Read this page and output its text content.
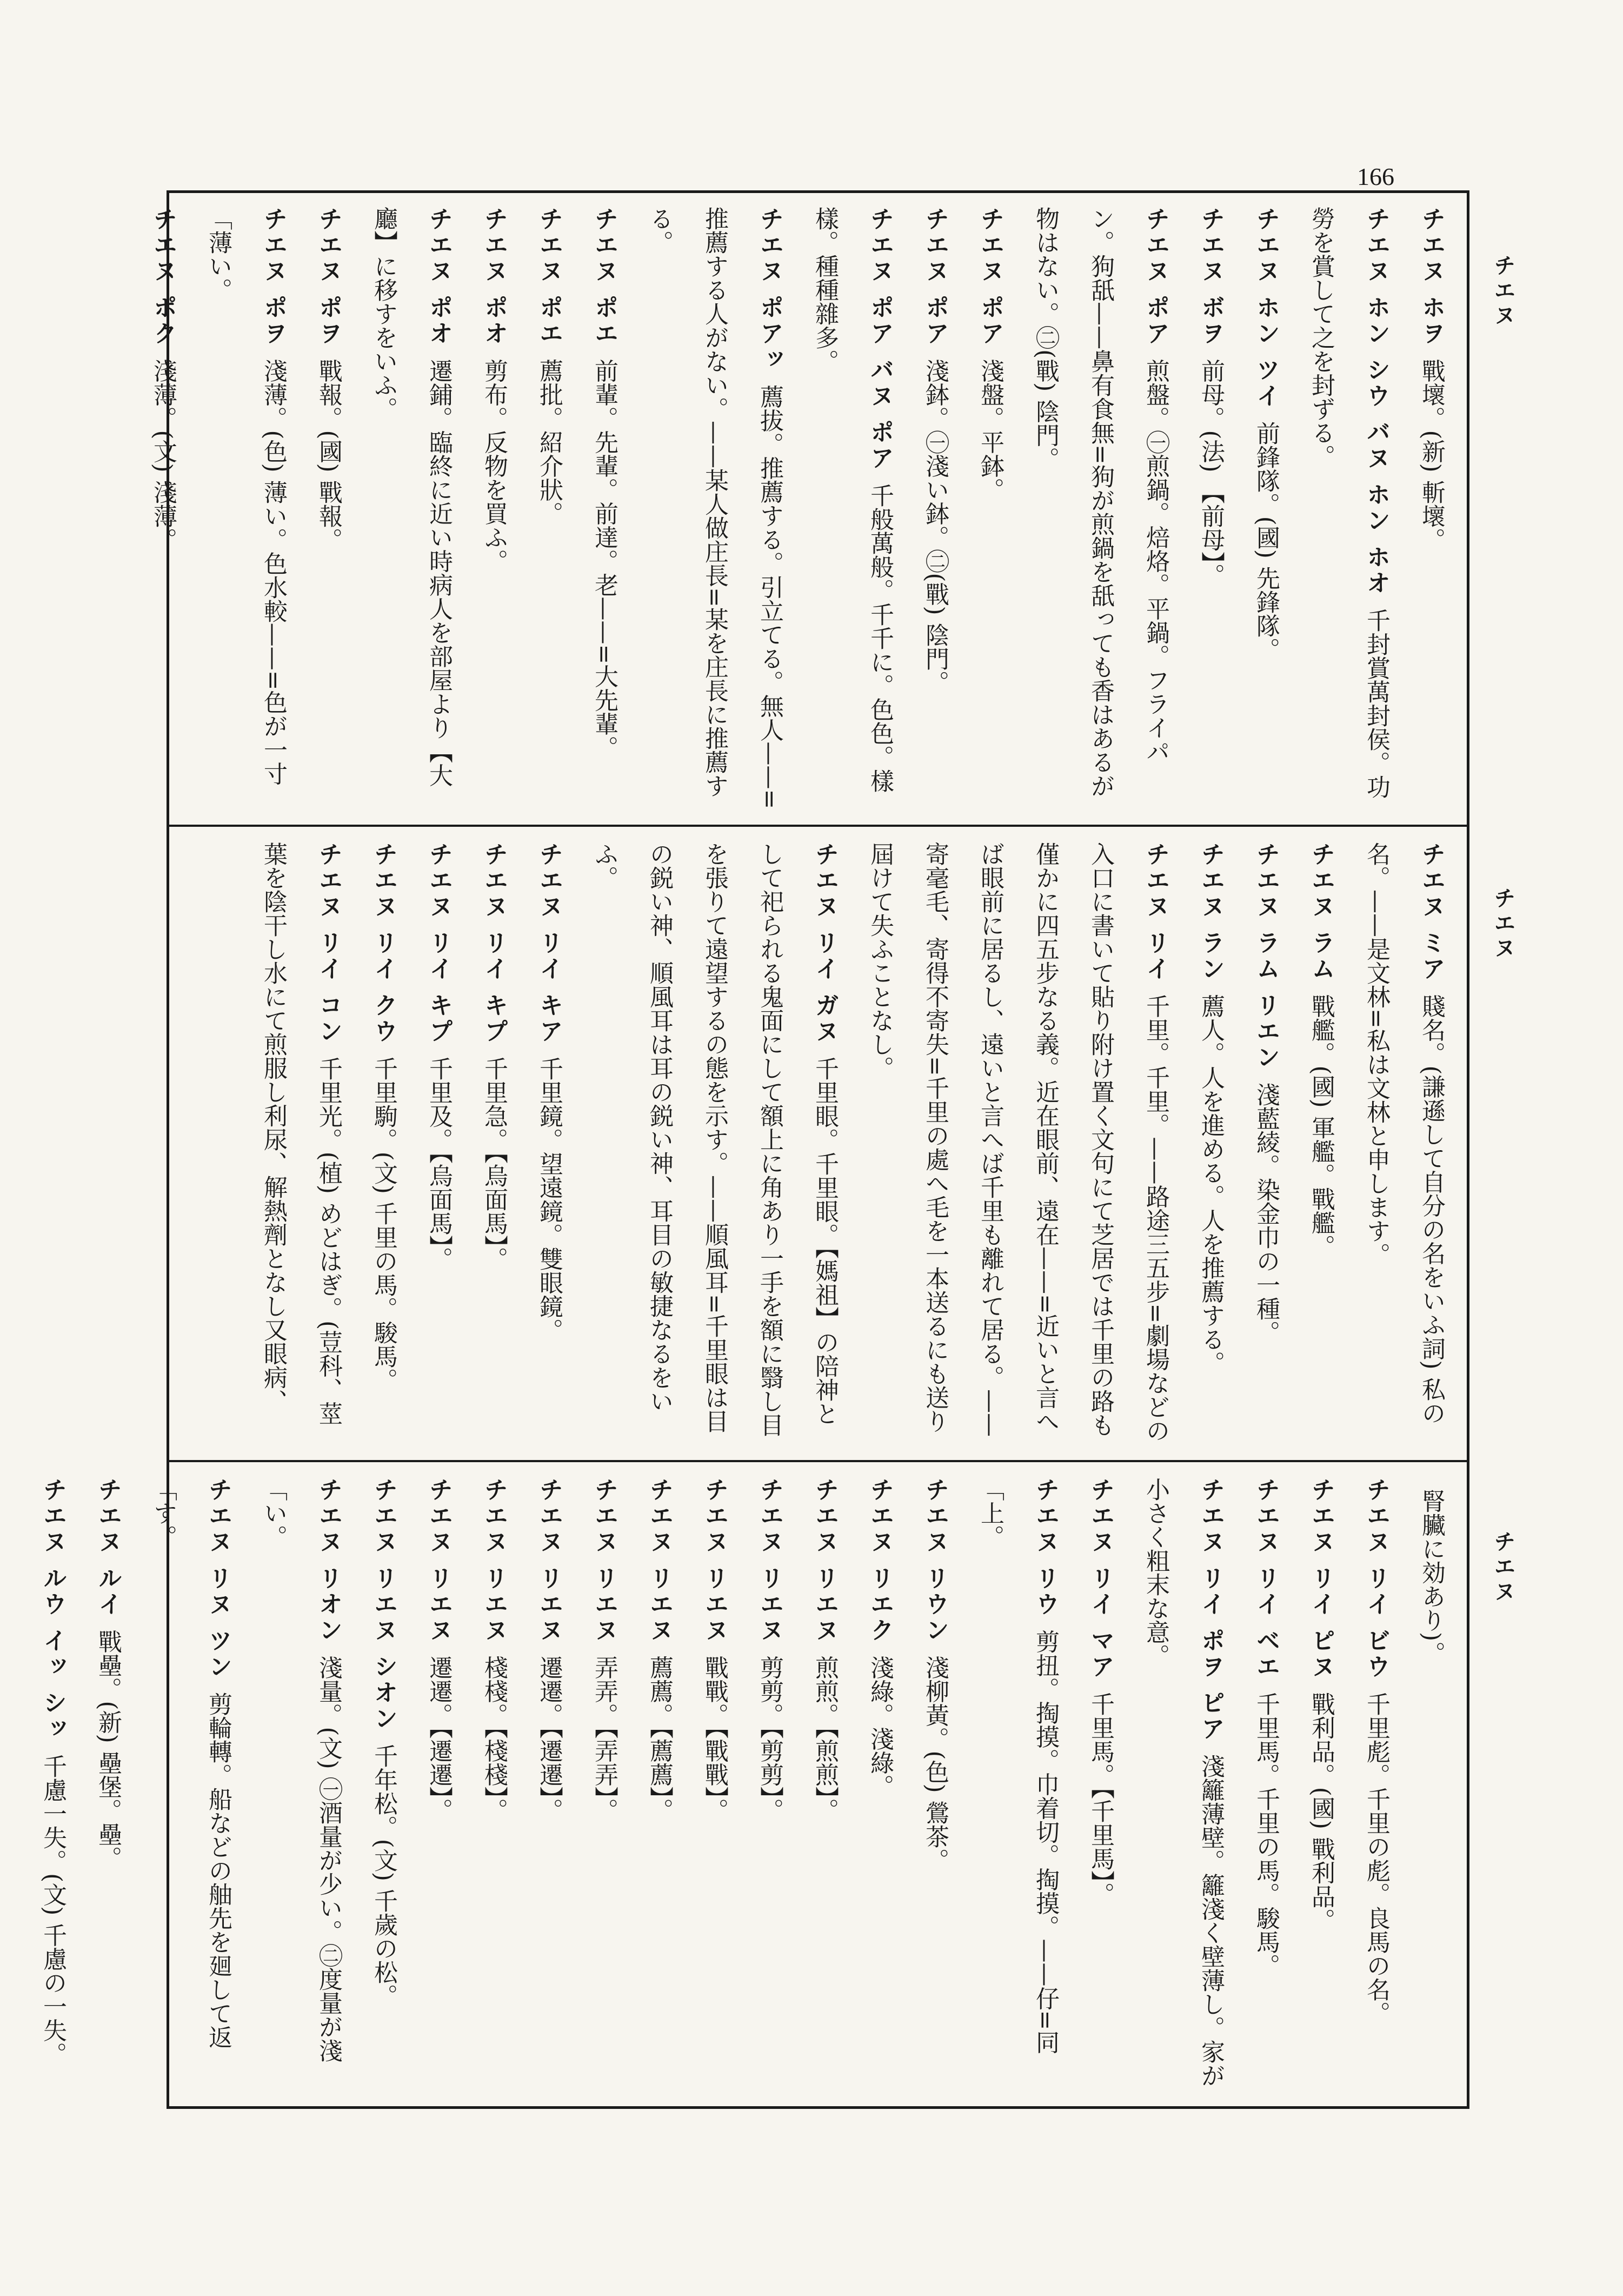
166
チエヌ
チエヌ
チエヌ
チエヌ ホヲ戰壞。(新) 斬壞。
チエヌ ホン シウ バヌ ホン ホオ千封賞萬封侯。功勞を賞して之を封ずる。
チエヌ ホン ツイ前鋒隊。(國) 先鋒隊。
チエヌ ボヲ前母。(法) 【前母】。
チエヌ ポア煎盤。㊀煎鍋。焙烙。平鍋。フライパン。狗舐——鼻有食無=狗が煎鍋を舐っても香はあるが物はない。㊁(戰) 陰門。
チエヌ ポア淺盤。平鉢。
チエヌ ポア淺鉢。㊀淺い鉢。㊁(戰) 陰門。
チエヌ ポア バヌ ポア千般萬般。千千に。色色。樣樣。種種雜多。
チエヌ ポアッ薦拔。推薦する。引立てる。無人——=推薦する人がない。——某人做庄長=某を庄長に推薦する。
チエヌ ポエ前輩。先輩。前達。老——=大先輩。
チエヌ ポエ薦批。紹介狀。
チエヌ ポオ剪布。反物を買ふ。
チエヌ ポオ遷鋪。臨終に近い時病人を部屋より【大廳】に移すをいふ。
チエヌ ポヲ戰報。(國) 戰報。
チエヌ ポヲ淺薄。(色) 薄い。色水較——=色が一寸「薄い。
チエヌ ポク淺薄。(文) 淺薄。
チエヌ ミア賤名。(謙遜して自分の名をいふ詞) 私の名。——是文林=私は文林と申します。
チエヌ ラム戰艦。(國) 軍艦。戰艦。
チエヌ ラム リエン淺藍綾。染金巾の一種。
チエヌ ラン薦人。人を進める。人を推薦する。
チエヌ リイ千里。千里。——路途三五步=劇場などの入口に書いて貼り附け置く文句にて芝居では千里の路も僅かに四五步なる義。近在眼前、遠在——=近いと言へば眼前に居るし、遠いと言へば千里も離れて居る。——寄毫毛、寄得不寄失=千里の處へ毛を一本送るにも送り屆けて失ふことなし。
チエヌ リイ ガヌ千里眼。千里眼。【媽祖】の陪神として祀られる鬼面にして額上に角あり一手を額に翳し目を張りて遠望するの態を示す。——順風耳=千里眼は目の鋭い神、順風耳は耳の鋭い神、耳目の敏捷なるをいふ。
チエヌ リイ キア千里鏡。望遠鏡。雙眼鏡。
チエヌ リイ キプ千里急。【烏面馬】。
チエヌ リイ キプ千里及。【烏面馬】。
チエヌ リイ クウ千里駒。(文) 千里の馬。駿馬。
チエヌ リイ コン千里光。(植) めどはぎ。(荳科、莖葉を陰干し水にて煎服し利尿、解熱劑となし又眼病、
腎臟に効あり)。
チエヌ リイ ビウ千里彪。千里の彪。良馬の名。
チエヌ リイ ピヌ戰利品。(國) 戰利品。
チエヌ リイ ベエ千里馬。千里の馬。駿馬。
チエヌ リイ ポヲ ピア淺籬薄壁。籬淺く壁薄し。家が小さく粗末な意。
チエヌ リイ マア千里馬。【千里馬】。
チエヌ リウ剪扭。掏摸。巾着切。掏摸。——仔=同「上。
チエヌ リウン淺柳黃。(色) 鶯茶。
チエヌ リエク淺綠。淺綠。
チエヌ リエヌ煎煎。【煎煎】。
チエヌ リエヌ剪剪。【剪剪】。
チエヌ リエヌ戰戰。【戰戰】。
チエヌ リエヌ薦薦。【薦薦】。
チエヌ リエヌ弄弄。【弄弄】。
チエヌ リエヌ遷遷。【遷遷】。
チエヌ リエヌ棧棧。【棧棧】。
チエヌ リエヌ遷遷。【遷遷】。
チエヌ リエヌ シオン千年松。(文) 千歲の松。
チエヌ リオン淺量。(文) ㊀酒量が少い。㊁度量が淺「い。
チエヌ リヌ ツン剪輪轉。船などの舳先を廻して返「す。
チエヌ ルイ戰壘。(新) 壘堡。壘。
チエヌ ルウ イッ シッ千慮一失。(文) 千慮の一失。
